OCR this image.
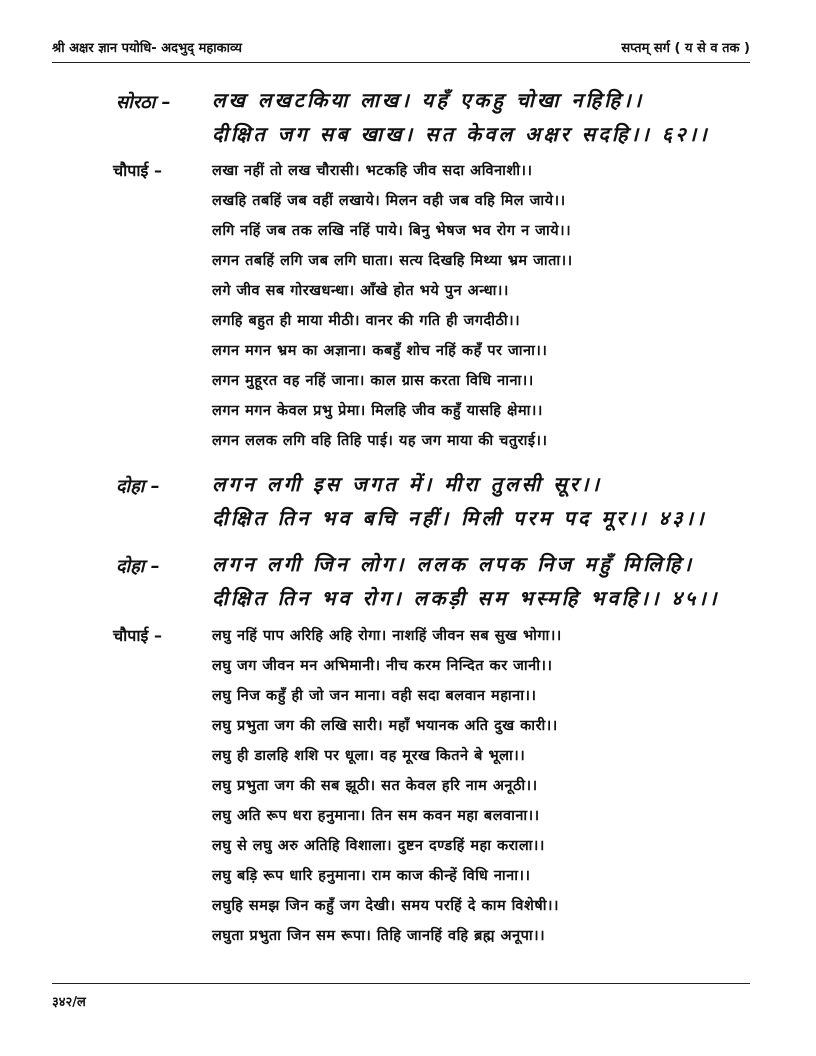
श्री अक्षर ज्ञान पयोधि- अदभुद् महाकाव्य	सप्तम् सर्ग ( य से व तक )
सोरठा – लख लखटकिया लाख। यहँ एकहु चोखा नहिहि।।
दीक्षित जग सब खाख। सत केवल अक्षर सदहि।। ६२।।
चौपाई –	लखा नहीं तो लख चौरासी। भटकहि जीव सदा अविनाशी।।
लखहि तबहिं जब वहीं लखाये। मिलन वही जब वहि मिल जाये।।
लगि नहिं जब तक लखि नहिं पाये। बिनु भेषज भव रोग न जाये।।
लगन तबहिं लगि जब लगि घाता। सत्य दिखहि मिथ्या भ्रम जाता।।
लगे जीव सब गोरखधन्धा। आँखे होत भये पुन अन्धा।।
लगहि बहुत ही माया मीठी। वानर की गति ही जगदीठी।।
लगन मगन भ्रम का अज्ञाना। कबहुँ शोच नहिं कहँ पर जाना।।
लगन मुहूरत वह नहिं जाना। काल ग्रास करता विधि नाना।।
लगन मगन केवल प्रभु प्रेमा। मिलहि जीव कहुँ यासहि क्षेमा।।
लगन ललक लगि वहि तिहि पाई। यह जग माया की चतुराई।।
दोहा –	लगन लगी इस जगत में। मीरा तुलसी सूर।।
दीक्षित तिन भव बचि नहीं। मिली परम पद मूर।। ४३।।
दोहा –	लगन लगी जिन लोग। ललक लपक निज महुँ मिलिहि।
दीक्षित तिन भव रोग। लकड़ी सम भस्महि भवहि।। ४५।।
चौपाई –	लघु नहिं पाप अरिहि अहि रोगा। नाशहिं जीवन सब सुख भोगा।।
लघु जग जीवन मन अभिमानी। नीच करम निन्दित कर जानी।।
लघु निज कहुँ ही जो जन माना। वही सदा बलवान महाना।।
लघु प्रभुता जग की लखि सारी। महाँ भयानक अति दुख कारी।।
लघु ही डालहि शशि पर धूला। वह मूरख कितने बे भूला।।
लघु प्रभुता जग की सब झूठी। सत केवल हरि नाम अनूठी।।
लघु अति रूप धरा हनुमाना। तिन सम कवन महा बलवाना।।
लघु से लघु अरु अतिहि विशाला। दुष्टन दण्डहिं महा कराला।।
लघु बड़ि रूप धारि हनुमाना। राम काज कीन्हें विधि नाना।।
लघुहि समझ जिन कहुँ जग देखी। समय परहिं दे काम विशेषी।।
लघुता प्रभुता जिन सम रूपा। तिहि जानहिं वहि ब्रह्म अनूपा।।
३४२/ल
